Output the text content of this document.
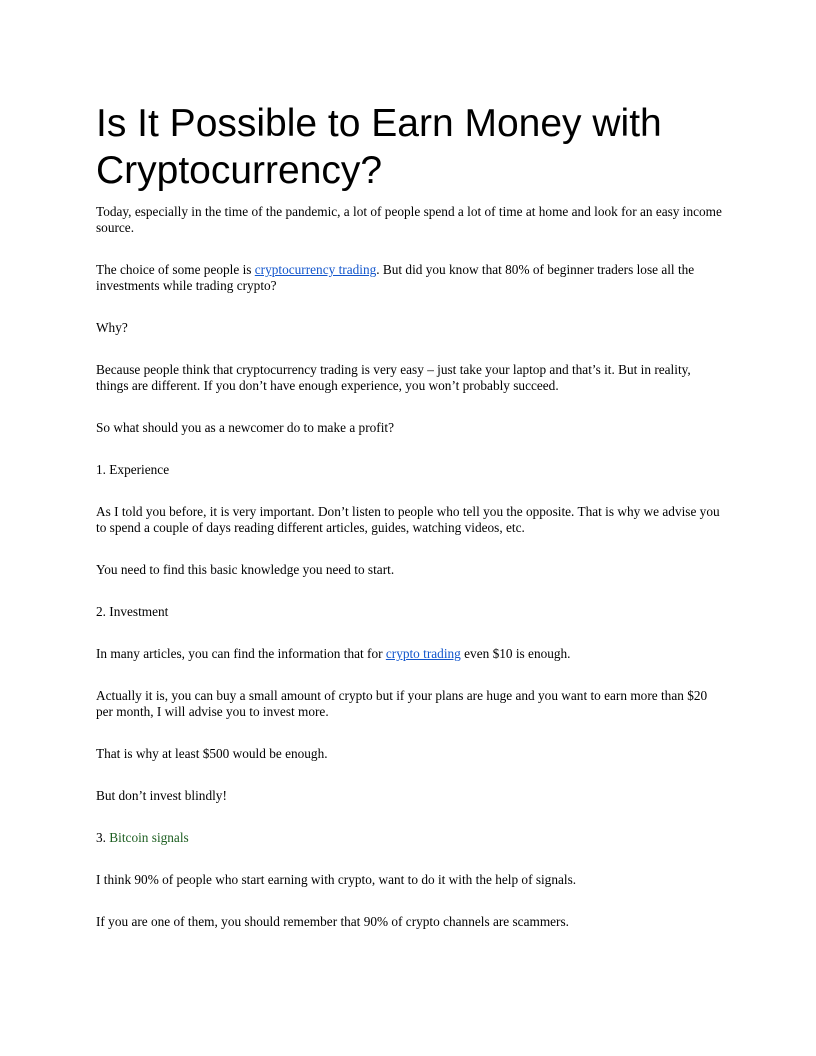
Is It Possible to Earn Money with Cryptocurrency?

Today, especially in the time of the pandemic, a lot of people spend a lot of time at home and look for an easy income source.

The choice of some people is cryptocurrency trading. But did you know that 80% of beginner traders lose all the investments while trading crypto?

Why?

Because people think that cryptocurrency trading is very easy – just take your laptop and that’s it. But in reality, things are different. If you don’t have enough experience, you won’t probably succeed.

So what should you as a newcomer do to make a profit?

1. Experience

As I told you before, it is very important. Don’t listen to people who tell you the opposite. That is why we advise you to spend a couple of days reading different articles, guides, watching videos, etc.

You need to find this basic knowledge you need to start.

2. Investment

In many articles, you can find the information that for crypto trading even $10 is enough.

Actually it is, you can buy a small amount of crypto but if your plans are huge and you want to earn more than $20 per month, I will advise you to invest more.

That is why at least $500 would be enough.

But don’t invest blindly!

3. Bitcoin signals

I think 90% of people who start earning with crypto, want to do it with the help of signals.

If you are one of them, you should remember that 90% of crypto channels are scammers.
